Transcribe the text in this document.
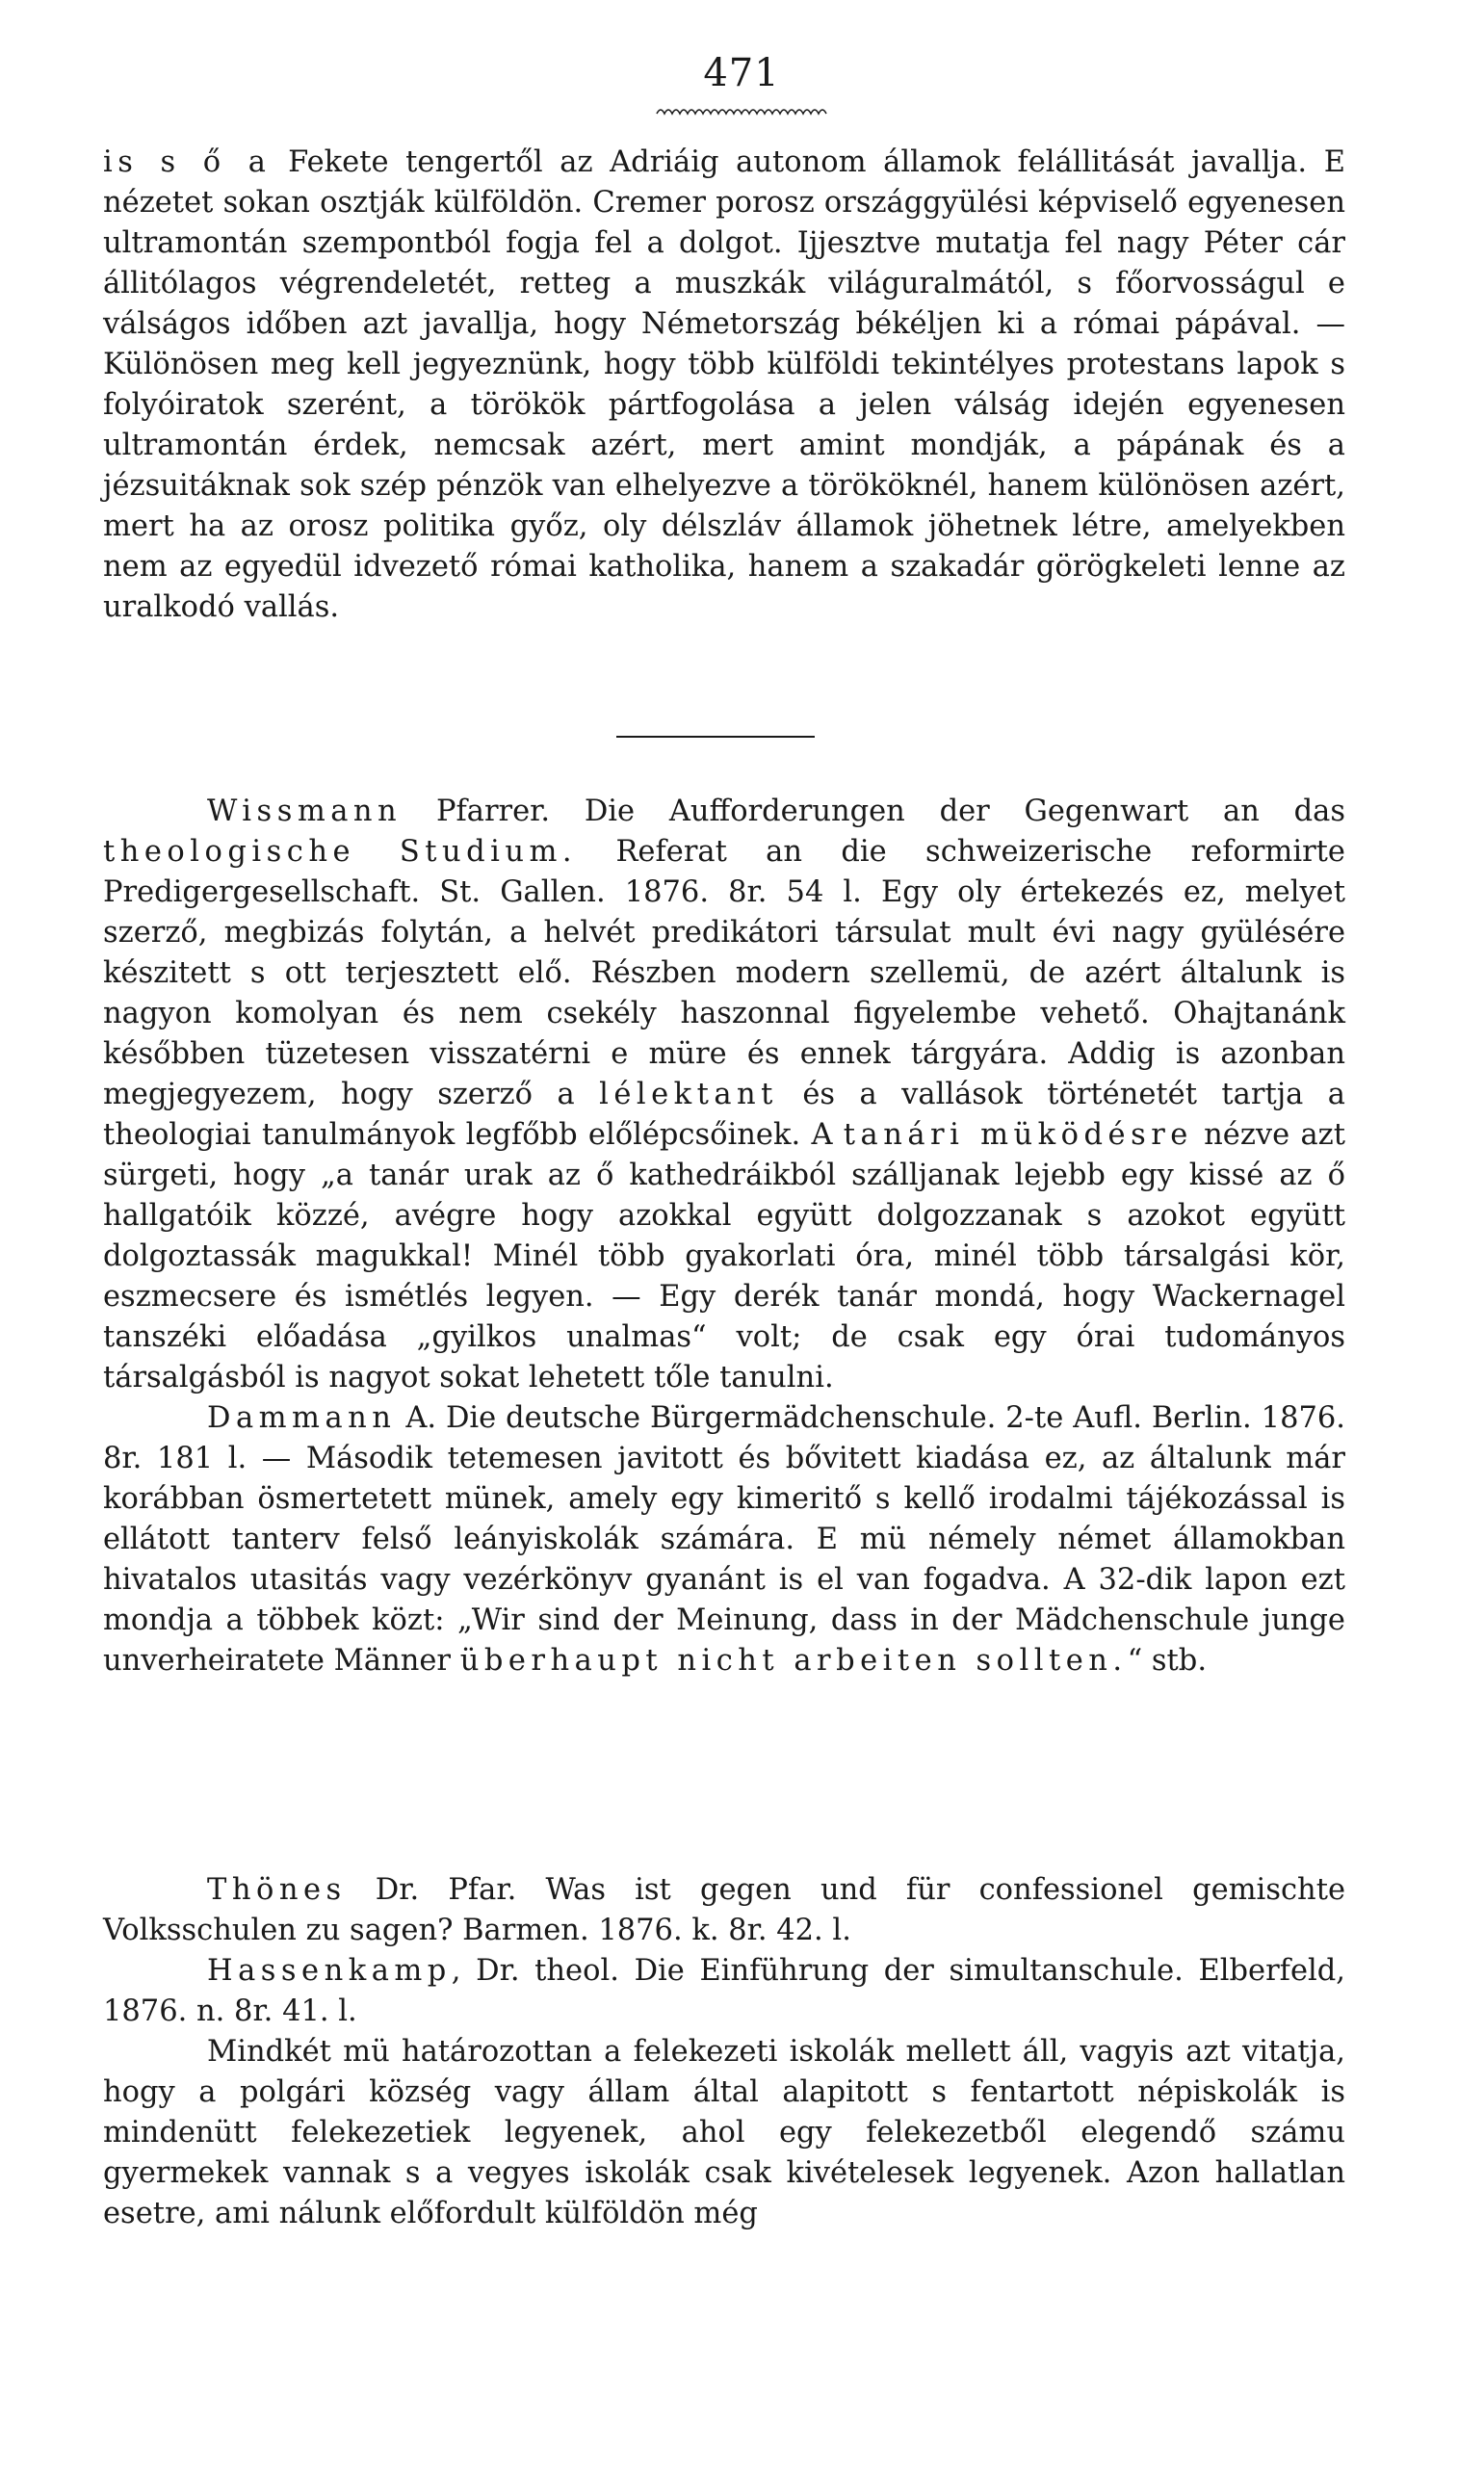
471

is s ő a Fekete tengertől az Adriáig autonom államok felállitását javallja. E nézetet sokan osztják külföldön. Cremer porosz országgyülési képviselő egyenesen ultramontán szempontból fogja fel a dolgot. Ijjesztve mutatja fel nagy Péter cár állitólagos végrendeletét, retteg a muszkák világuralmától, s főorvosságul e válságos időben azt javallja, hogy Németország békéljen ki a római pápával. — Különösen meg kell jegyeznünk, hogy több külföldi tekintélyes protestans lapok s folyóiratok szerént, a törökök pártfogolása a jelen válság idején egyenesen ultramontán érdek, nemcsak azért, mert amint mondják, a pápának és a jézsuitáknak sok szép pénzök van elhelyezve a törököknél, hanem különösen azért, mert ha az orosz politika győz, oly délszláv államok jöhetnek létre, amelyekben nem az egyedül idvezető római katholika, hanem a szakadár görögkeleti lenne az uralkodó vallás.

Wissmann Pfarrer. Die Aufforderungen der Gegenwart an das theologische Studium. Referat an die schweizerische reformirte Predigergesellschaft. St. Gallen. 1876. 8r. 54 l. Egy oly értekezés ez, melyet szerző, megbizás folytán, a helvét predikátori társulat mult évi nagy gyülésére készitett s ott terjesztett elő. Részben modern szellemü, de azért általunk is nagyon komolyan és nem csekély haszonnal figyelembe vehető. Ohajtanánk későbben tüzetesen visszatérni e müre és ennek tárgyára. Addig is azonban megjegyezem, hogy szerző a lélektant és a vallások történetét tartja a theologiai tanulmányok legfőbb előlépcsőinek. A tanári müködésre nézve azt sürgeti, hogy „a tanár urak az ő kathedráikból szálljanak lejebb egy kissé az ő hallgatóik közzé, avégre hogy azokkal együtt dolgozzanak s azokot együtt dolgoztassák magukkal! Minél több gyakorlati óra, minél több társalgási kör, eszmecsere és ismétlés legyen. — Egy derék tanár mondá, hogy Wackernagel tanszéki előadása „gyilkos unalmas“ volt; de csak egy órai tudományos társalgásból is nagyot sokat lehetett tőle tanulni.

Dammann A. Die deutsche Bürgermädchenschule. 2-te Aufl. Berlin. 1876. 8r. 181 l. — Második tetemesen javitott és bővitett kiadása ez, az általunk már korábban ösmertetett münek, amely egy kimeritő s kellő irodalmi tájékozással is ellátott tanterv felső leányiskolák számára. E mü némely német államokban hivatalos utasitás vagy vezérkönyv gyanánt is el van fogadva. A 32-dik lapon ezt mondja a többek közt: „Wir sind der Meinung, dass in der Mädchenschule junge unverheiratete Männer überhaupt nicht arbeiten sollten.“ stb.

Thönes Dr. Pfar. Was ist gegen und für confessionel gemischte Volksschulen zu sagen? Barmen. 1876. k. 8r. 42. l.

Hassenkamp, Dr. theol. Die Einführung der simultanschule. Elberfeld, 1876. n. 8r. 41. l.

Mindkét mü határozottan a felekezeti iskolák mellett áll, vagyis azt vitatja, hogy a polgári község vagy állam által alapitott s fentartott népiskolák is mindenütt felekezetiek legyenek, ahol egy felekezetből elegendő számu gyermekek vannak s a vegyes iskolák csak kivételesek legyenek. Azon hallatlan esetre, ami nálunk előfordult külföldön még
